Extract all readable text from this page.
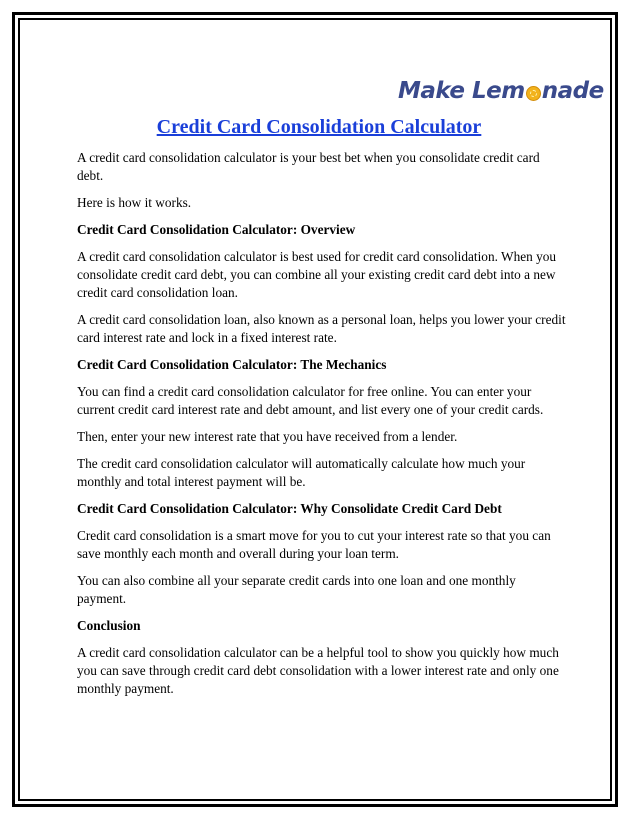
Make Lem nade
Credit Card Consolidation Calculator

A credit card consolidation calculator is your best bet when you consolidate credit card debt.

Here is how it works.

Credit Card Consolidation Calculator: Overview

A credit card consolidation calculator is best used for credit card consolidation. When you consolidate credit card debt, you can combine all your existing credit card debt into a new credit card consolidation loan.

A credit card consolidation loan, also known as a personal loan, helps you lower your credit card interest rate and lock in a fixed interest rate.

Credit Card Consolidation Calculator: The Mechanics

You can find a credit card consolidation calculator for free online. You can enter your current credit card interest rate and debt amount, and list every one of your credit cards.

Then, enter your new interest rate that you have received from a lender.

The credit card consolidation calculator will automatically calculate how much your monthly and total interest payment will be.

Credit Card Consolidation Calculator: Why Consolidate Credit Card Debt

Credit card consolidation is a smart move for you to cut your interest rate so that you can save monthly each month and overall during your loan term.

You can also combine all your separate credit cards into one loan and one monthly payment.

Conclusion

A credit card consolidation calculator can be a helpful tool to show you quickly how much you can save through credit card debt consolidation with a lower interest rate and only one monthly payment.
